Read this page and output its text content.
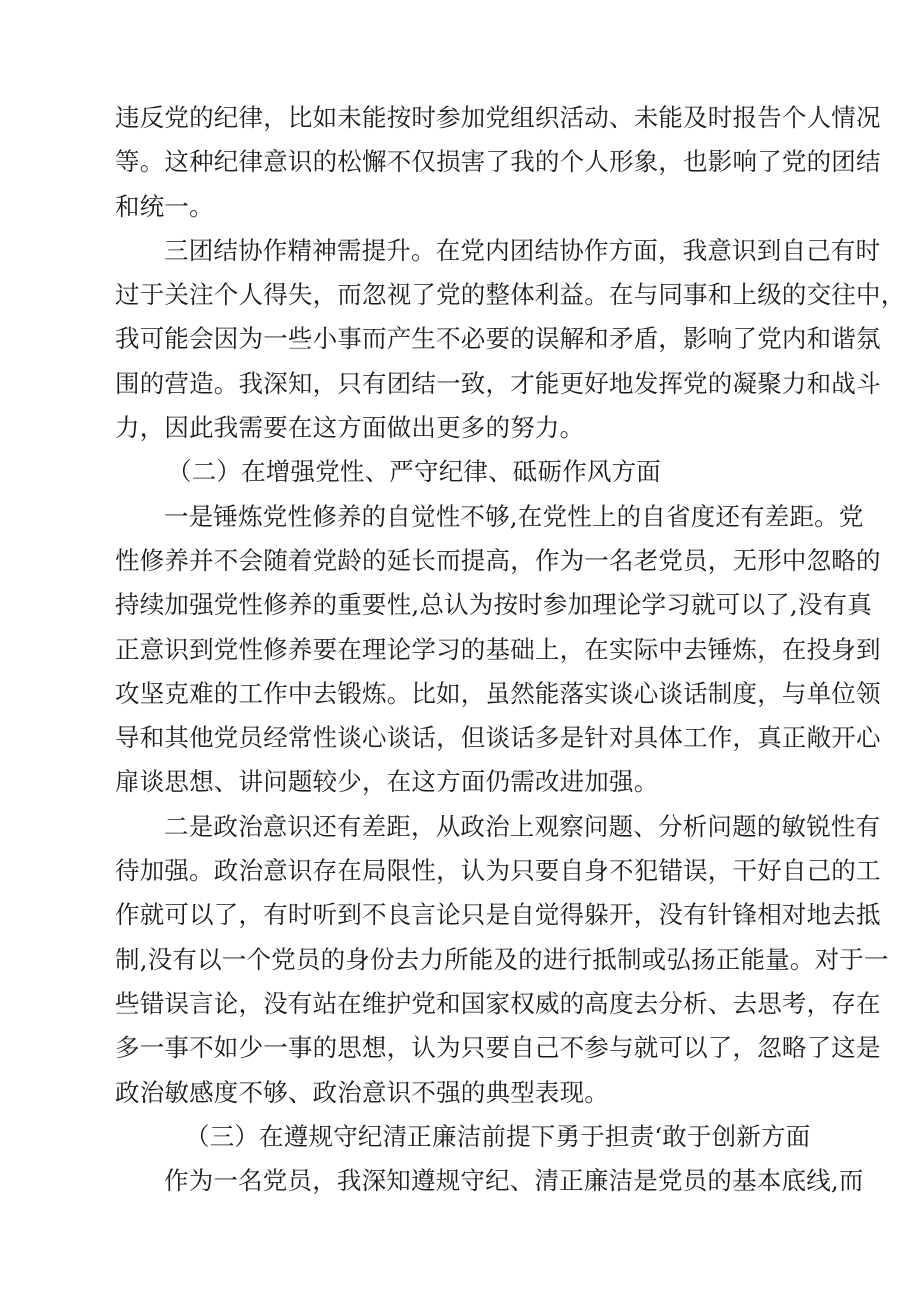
违反党的纪律，比如未能按时参加党组织活动、未能及时报告个人情况
等。这种纪律意识的松懈不仅损害了我的个人形象，也影响了党的团结
和统一。
三团结协作精神需提升。在党内团结协作方面，我意识到自己有时
过于关注个人得失，而忽视了党的整体利益。在与同事和上级的交往中，
我可能会因为一些小事而产生不必要的误解和矛盾，影响了党内和谐氛
围的营造。我深知，只有团结一致，才能更好地发挥党的凝聚力和战斗
力，因此我需要在这方面做出更多的努力。
（二）在增强党性、严守纪律、砥砺作风方面
一是锤炼党性修养的自觉性不够,在党性上的自省度还有差距。党
性修养并不会随着党龄的延长而提高，作为一名老党员，无形中忽略的
持续加强党性修养的重要性,总认为按时参加理论学习就可以了,没有真
正意识到党性修养要在理论学习的基础上，在实际中去锤炼，在投身到
攻坚克难的工作中去锻炼。比如，虽然能落实谈心谈话制度，与单位领
导和其他党员经常性谈心谈话，但谈话多是针对具体工作，真正敞开心
扉谈思想、讲问题较少，在这方面仍需改进加强。
二是政治意识还有差距，从政治上观察问题、分析问题的敏锐性有
待加强。政治意识存在局限性，认为只要自身不犯错误，干好自己的工
作就可以了，有时听到不良言论只是自觉得躲开，没有针锋相对地去抵
制,没有以一个党员的身份去力所能及的进行抵制或弘扬正能量。对于一
些错误言论，没有站在维护党和国家权威的高度去分析、去思考，存在
多一事不如少一事的思想，认为只要自己不参与就可以了，忽略了这是
政治敏感度不够、政治意识不强的典型表现。
（三）在遵规守纪清正廉洁前提下勇于担责‘敢于创新方面
作为一名党员，我深知遵规守纪、清正廉洁是党员的基本底线,而
